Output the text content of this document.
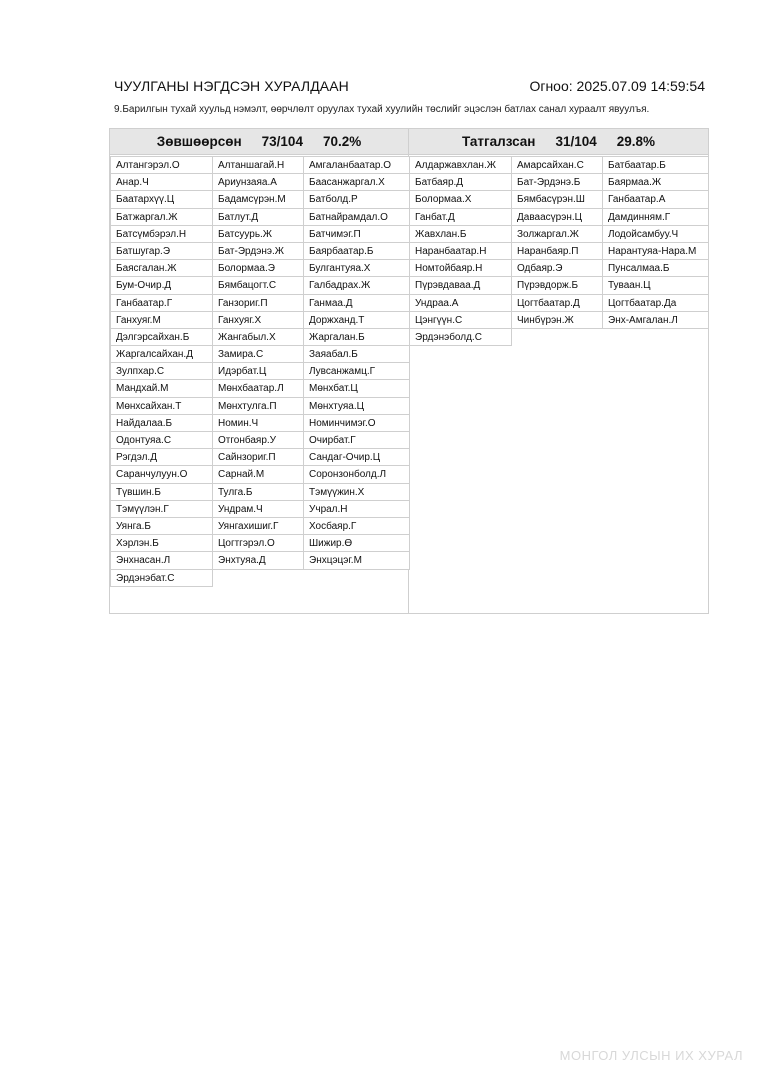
ЧУУЛГАНЫ НЭГДСЭН ХУРАЛДААН	Огноо: 2025.07.09 14:59:54
9.Барилгын тухай хуульд нэмэлт, өөрчлөлт оруулах тухай хуулийн төслийг эцэслэн батлах санал хураалт явуулъя.
Зөвшөөрсөн 73/104 70.2%
Алтангэрэл.О	Алтаншагай.Н	Амгаланбаатар.О
Анар.Ч	Ариунзаяа.А	Баасанжаргал.Х
Баатархүү.Ц	Бадамсүрэн.М	Батболд.Р
Батжаргал.Ж	Батлут.Д	Батнайрамдал.О
Батсүмбэрэл.Н	Батсуурь.Ж	Батчимэг.П
Батшугар.Э	Бат-Эрдэнэ.Ж	Баярбаатар.Б
Баясгалан.Ж	Болормаа.Э	Булгантуяа.Х
Бум-Очир.Д	Бямбацогт.С	Галбадрах.Ж
Ганбаатар.Г	Ганзориг.П	Ганмаа.Д
Ганхуяг.М	Ганхуяг.Х	Доржханд.Т
Дэлгэрсайхан.Б	Жангабыл.Х	Жаргалан.Б
Жаргалсайхан.Д	Замира.С	Заяабал.Б
Зулпхар.С	Идэрбат.Ц	Лувсанжамц.Г
Мандхай.М	Мөнхбаатар.Л	Мөнхбат.Ц
Мөнхсайхан.Т	Мөнхтулга.П	Мөнхтуяа.Ц
Найдалаа.Б	Номин.Ч	Номинчимэг.О
Одонтуяа.С	Отгонбаяр.У	Очирбат.Г
Рэгдэл.Д	Сайнзориг.П	Сандаг-Очир.Ц
Саранчулуун.О	Сарнай.М	Соронзонболд.Л
Түвшин.Б	Тулга.Б	Тэмүүжин.Х
Тэмүүлэн.Г	Ундрам.Ч	Учрал.Н
Уянга.Б	Уянгахишиг.Г	Хосбаяр.Г
Хэрлэн.Б	Цогтгэрэл.О	Шижир.Ө
Энхнасан.Л	Энхтуяа.Д	Энхцэцэг.М
Эрдэнэбат.С
Татгалзсан 31/104 29.8%
Алдаржавхлан.Ж	Амарсайхан.С	Батбаатар.Б
Батбаяр.Д	Бат-Эрдэнэ.Б	Баярмаа.Ж
Болормаа.Х	Бямбасүрэн.Ш	Ганбаатар.А
Ганбат.Д	Даваасүрэн.Ц	Дамдинням.Г
Жавхлан.Б	Золжаргал.Ж	Лодойсамбуу.Ч
Наранбаатар.Н	Наранбаяр.П	Нарантуяа-Нара.М
Номтойбаяр.Н	Одбаяр.Э	Пунсалмаа.Б
Пүрэвдаваа.Д	Пүрэвдорж.Б	Туваан.Ц
Ундраа.А	Цогтбаатар.Д	Цогтбаатар.Да
Цэнгүүн.С	Чинбүрэн.Ж	Энх-Амгалан.Л
Эрдэнэболд.С
МОНГОЛ УЛСЫН ИХ ХУРАЛ
